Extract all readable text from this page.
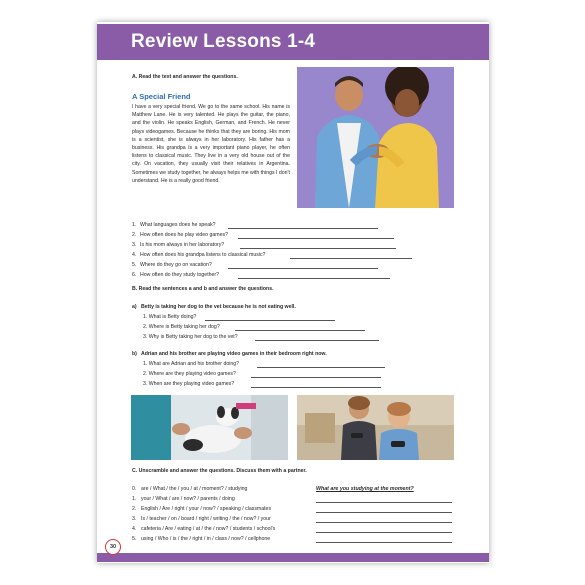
Review Lessons 1-4
A. Read the text and answer the questions.
A Special Friend
I have a very special friend. We go to the same school. His name is Matthew Lane. He is very talented. He plays the guitar, the piano, and the violin. He speaks English, German, and French. He never plays videogames. Because he thinks that they are boring. His mom is a scientist, she is always in her laboratory. His father has a business. His grandpa is a very important piano player, he often listens to classical music. They live in a very old house out of the city. On vacation, they usually visit their relatives in Argentina. Sometimes we study together, he always helps me with things I don't understand. He is a really good friend.
1. What languages does he speak?
2. How often does he play video games?
3. Is his mom always in her laboratory?
4. How often does his grandpa listens to classical music?
5. Where do they go on vacation?
6. How often do they study together?
B. Read the sentences a and b and answer the questions.
a) Betty is taking her dog to the vet because he is not eating well.
1. What is Betty doing?
2. Where is Betty taking her dog?
3. Why is Betty taking her dog to the vet?
b) Adrian and his brother are playing video games in their bedroom right now.
1. What are Adrian and his brother doing?
2. Where are they playing video games?
3. When are they playing video games?
C. Unscramble and answer the questions. Discuss them with a partner.
What are you studying at the moment?
0. are / What / the / you / at / moment? / studying
1. your / What / are / now? / parents / doing
2. English / Are / right / your / now? / speaking / classmates
3. Is / teacher / on / board / right / writing / the / now? / your
4. cafeteria / Are / eating / at / the / now? / students / school's
5. using / Who / is / the / right / in / class / now? / cellphone
30
